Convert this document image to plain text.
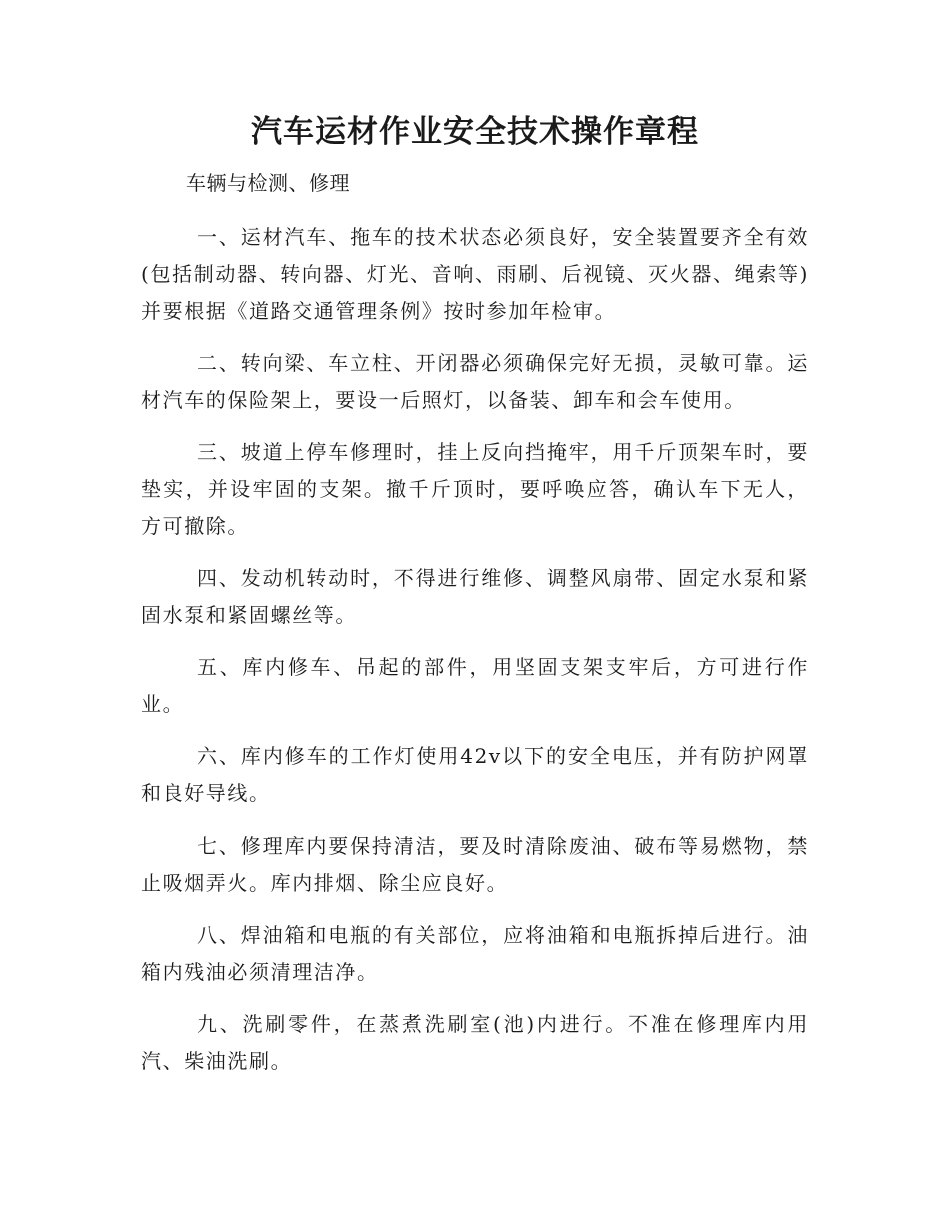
汽车运材作业安全技术操作章程

车辆与检测、修理

一、运材汽车、拖车的技术状态必须良好，安全装置要齐全有效(包括制动器、转向器、灯光、音响、雨刷、后视镜、灭火器、绳索等)并要根据《道路交通管理条例》按时参加年检审。

二、转向梁、车立柱、开闭器必须确保完好无损，灵敏可靠。运材汽车的保险架上，要设一后照灯，以备装、卸车和会车使用。

三、坡道上停车修理时，挂上反向挡掩牢，用千斤顶架车时，要垫实，并设牢固的支架。撤千斤顶时，要呼唤应答，确认车下无人，方可撤除。

四、发动机转动时，不得进行维修、调整风扇带、固定水泵和紧固水泵和紧固螺丝等。

五、库内修车、吊起的部件，用坚固支架支牢后，方可进行作业。

六、库内修车的工作灯使用42v以下的安全电压，并有防护网罩和良好导线。

七、修理库内要保持清洁，要及时清除废油、破布等易燃物，禁止吸烟弄火。库内排烟、除尘应良好。

八、焊油箱和电瓶的有关部位，应将油箱和电瓶拆掉后进行。油箱内残油必须清理洁净。

九、洗刷零件，在蒸煮洗刷室(池)内进行。不准在修理库内用汽、柴油洗刷。
